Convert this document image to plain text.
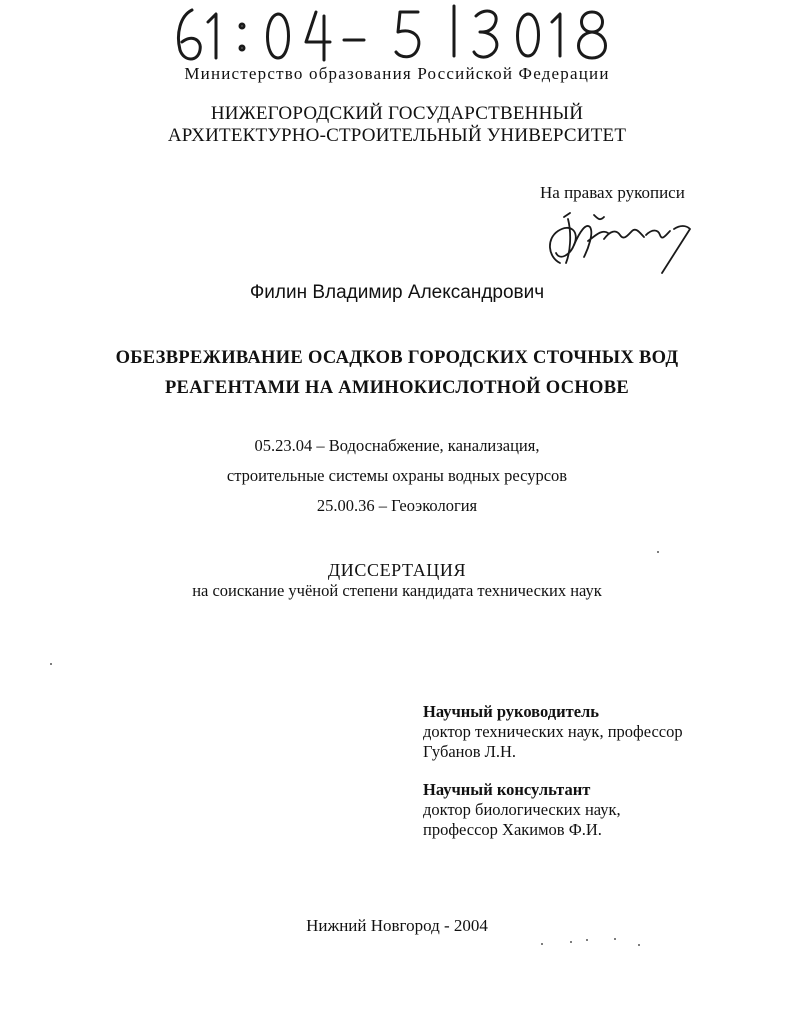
Министерство образования Российской Федерации
НИЖЕГОРОДСКИЙ ГОСУДАРСТВЕННЫЙ
АРХИТЕКТУРНО-СТРОИТЕЛЬНЫЙ УНИВЕРСИТЕТ
На правах рукописи
Филин Владимир Александрович
ОБЕЗВРЕЖИВАНИЕ ОСАДКОВ ГОРОДСКИХ СТОЧНЫХ ВОД
РЕАГЕНТАМИ НА АМИНОКИСЛОТНОЙ ОСНОВЕ
05.23.04 – Водоснабжение, канализация,
строительные системы охраны водных ресурсов
25.00.36 – Геоэкология
ДИССЕРТАЦИЯ
на соискание учёной степени кандидата технических наук
Научный руководитель
доктор технических наук, профессор
Губанов Л.Н.
Научный консультант
доктор биологических наук,
профессор Хакимов Ф.И.
Нижний Новгород - 2004
